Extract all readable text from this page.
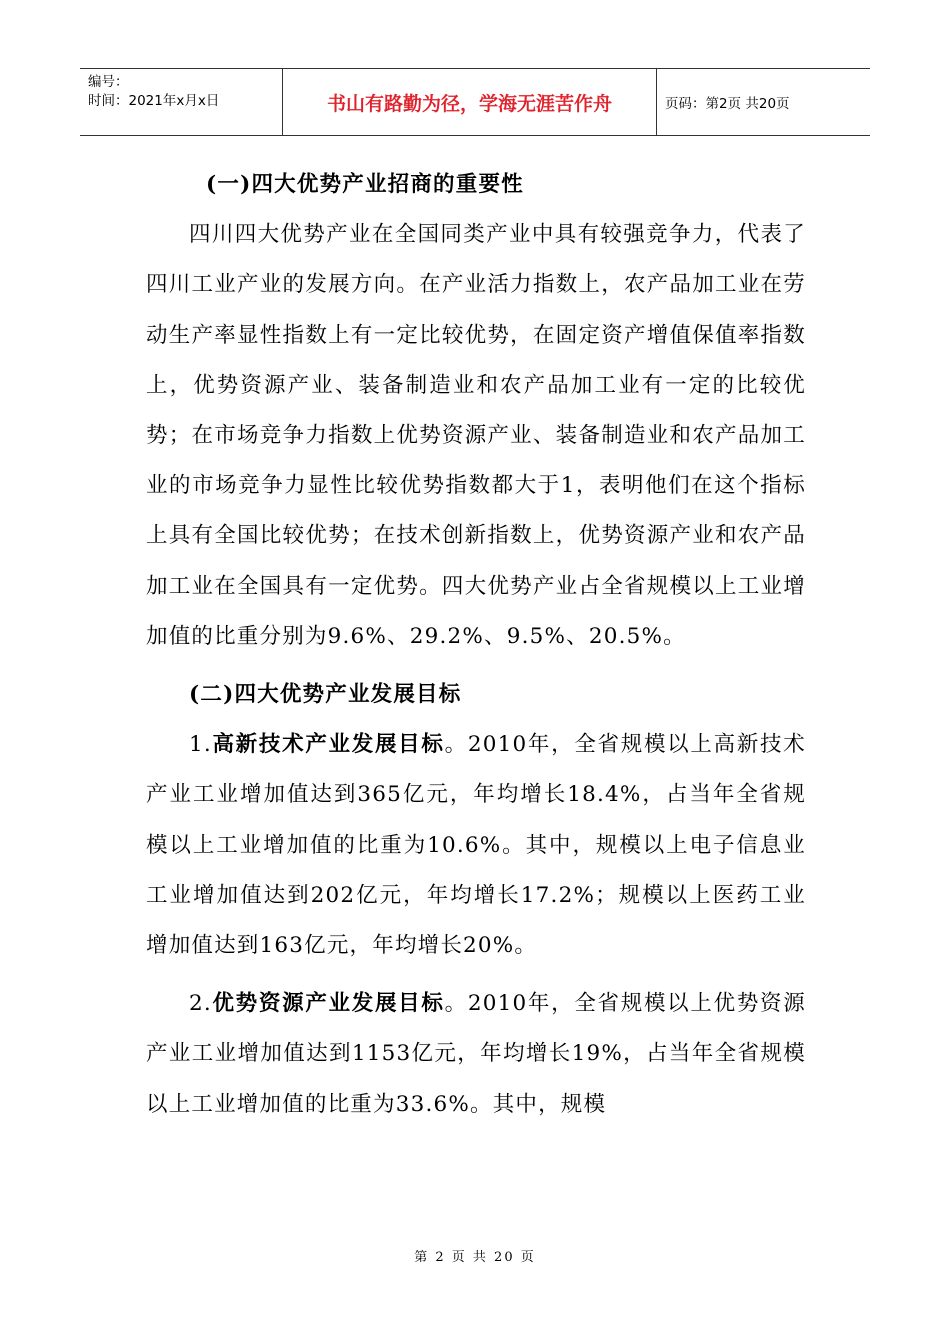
编号：
时间：2021年x月x日	书山有路勤为径，学海无涯苦作舟	页码：第2页 共20页

(一)四大优势产业招商的重要性

四川四大优势产业在全国同类产业中具有较强竞争力，代表了四川工业产业的发展方向。在产业活力指数上，农产品加工业在劳动生产率显性指数上有一定比较优势，在固定资产增值保值率指数上，优势资源产业、装备制造业和农产品加工业有一定的比较优势；在市场竞争力指数上优势资源产业、装备制造业和农产品加工业的市场竞争力显性比较优势指数都大于1，表明他们在这个指标上具有全国比较优势；在技术创新指数上，优势资源产业和农产品加工业在全国具有一定优势。四大优势产业占全省规模以上工业增加值的比重分别为9.6%、29.2%、9.5%、20.5%。

(二)四大优势产业发展目标

1.高新技术产业发展目标。2010年，全省规模以上高新技术产业工业增加值达到365亿元，年均增长18.4%，占当年全省规模以上工业增加值的比重为10.6%。其中，规模以上电子信息业工业增加值达到202亿元，年均增长17.2%；规模以上医药工业增加值达到163亿元，年均增长20%。

2.优势资源产业发展目标。2010年，全省规模以上优势资源产业工业增加值达到1153亿元，年均增长19%，占当年全省规模以上工业增加值的比重为33.6%。其中，规模

第 2 页 共 20 页
